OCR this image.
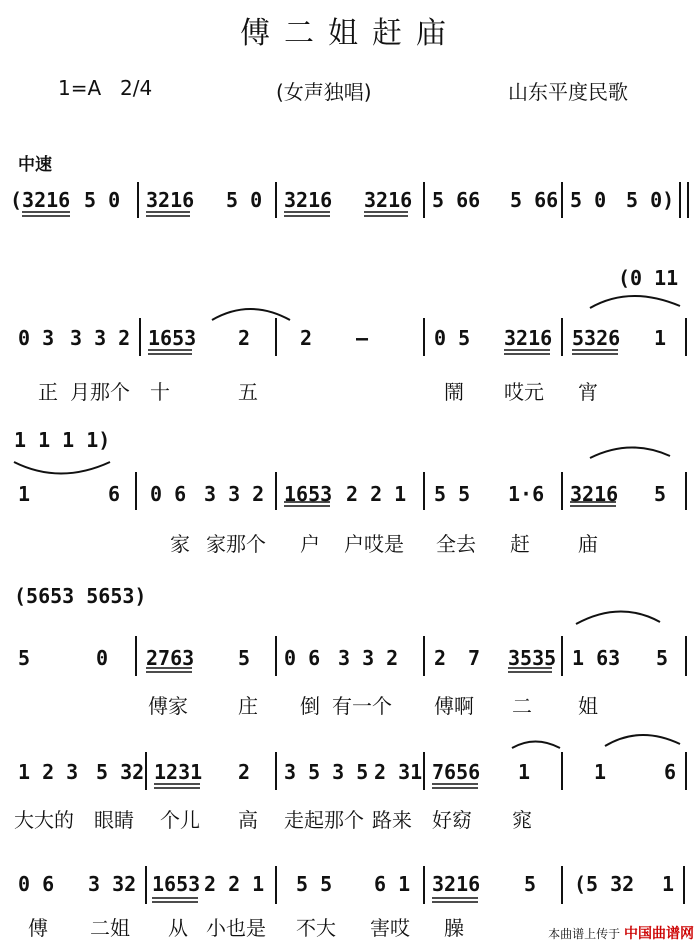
傅二姐赶庙
1=A 2/4	(女声独唱)	山东平度民歌
中速
(3216 5 0 3216 5 0 3216 3216 5 66 5 66 5 0 5 0)
(0 11
0 3 3 3 2 1653 2 2 —	0 5 3216 5326 1
正 月那个 十	五	鬧 哎元 宵
1 1 1 1)
1	6 0 6 3 3 2 1653 2 2 1 5 5 1·6 3216 5
家 家那个 户 户哎是 全去 赶 庙
(5653 5653)
5	0 2763 5 0 6 3 3 2 2 7 3535 1 63 5
傅家	庄 倒 有一个 傅啊 二 姐
1 2 3 5 32 1231 2 3 5 3 5 2 31 7656 1	1	6
大大的 眼睛 个儿 高 走起那个 路来 好窈 窕
0 6 3 32 1653 2 2 1 5 5 6 1 3216 5 (5 32 1
傅 二姐 从 小也是 不大 害哎 臊	本曲谱上传于 中国曲谱网
